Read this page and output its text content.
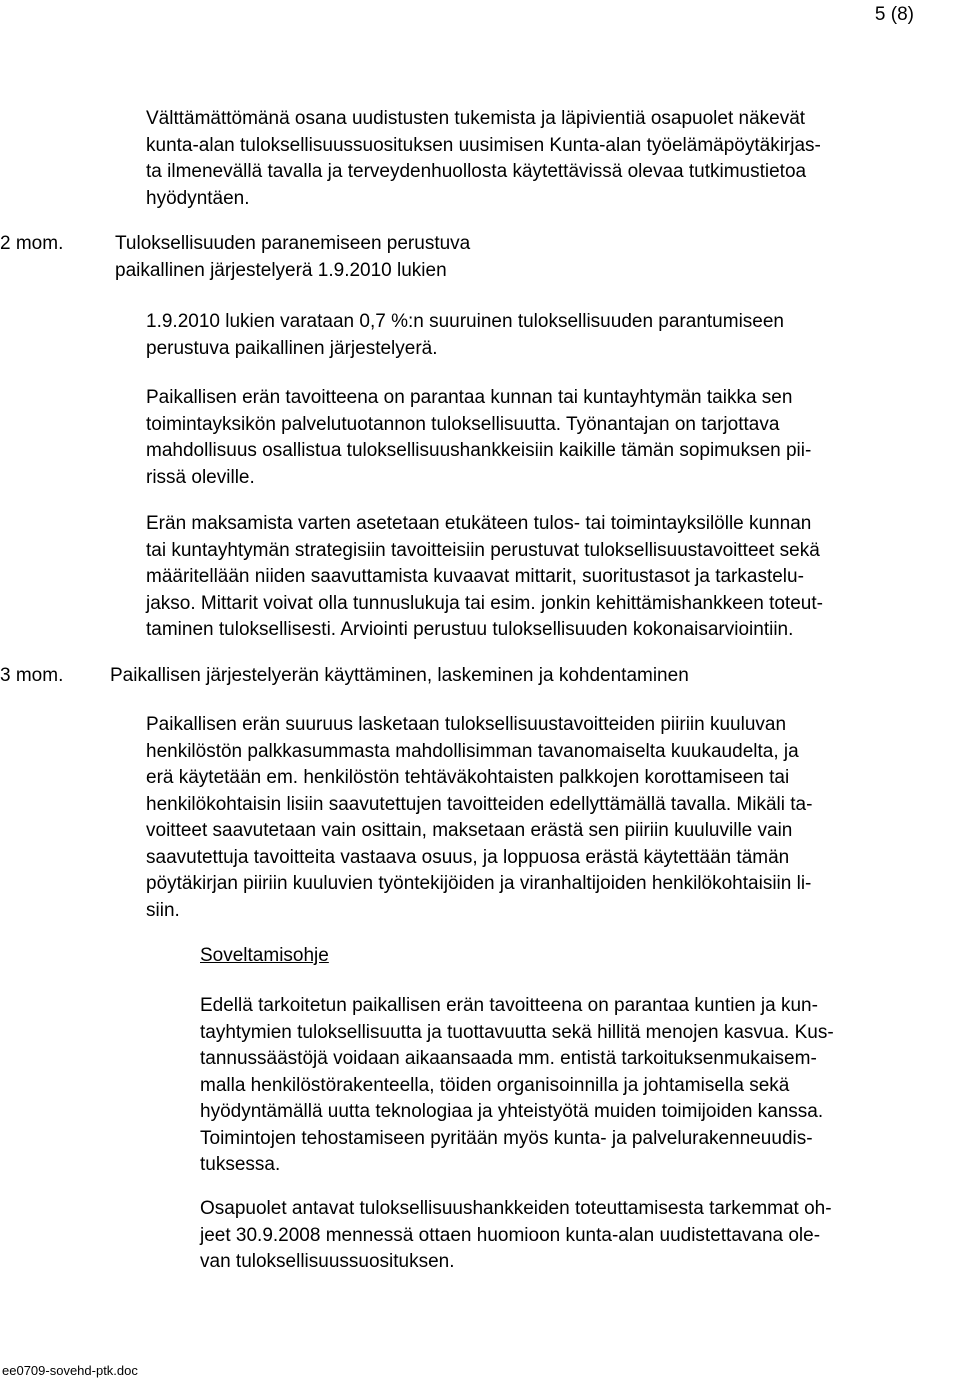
5 (8)
Välttämättömänä osana uudistusten tukemista ja läpivientiä osapuolet näkevät
kunta-alan tuloksellisuussuosituksen uusimisen Kunta-alan työelämäpöytäkirjas-
ta ilmenevällä tavalla ja terveydenhuollosta käytettävissä olevaa tutkimustietoa
hyödyntäen.
2 mom.	Tuloksellisuuden paranemiseen perustuva
paikallinen järjestelyerä 1.9.2010 lukien
1.9.2010 lukien varataan 0,7 %:n suuruinen tuloksellisuuden parantumiseen
perustuva paikallinen järjestelyerä.
Paikallisen erän tavoitteena on parantaa kunnan tai kuntayhtymän taikka sen
toimintayksikön palvelutuotannon tuloksellisuutta. Työnantajan on tarjottava
mahdollisuus osallistua tuloksellisuushankkeisiin kaikille tämän sopimuksen pii-
rissä oleville.
Erän maksamista varten asetetaan etukäteen tulos- tai toimintayksilölle kunnan
tai kuntayhtymän strategisiin tavoitteisiin perustuvat tuloksellisuustavoitteet sekä
määritellään niiden saavuttamista kuvaavat mittarit, suoritustasot ja tarkastelu-
jakso. Mittarit voivat olla tunnuslukuja tai esim. jonkin kehittämishankkeen toteut-
taminen tuloksellisesti. Arviointi perustuu tuloksellisuuden kokonaisarviointiin.
3 mom. Paikallisen järjestelyerän käyttäminen, laskeminen ja kohdentaminen
Paikallisen erän suuruus lasketaan tuloksellisuustavoitteiden piiriin kuuluvan
henkilöstön palkkasummasta mahdollisimman tavanomaiselta kuukaudelta, ja
erä käytetään em. henkilöstön tehtäväkohtaisten palkkojen korottamiseen tai
henkilökohtaisin lisiin saavutettujen tavoitteiden edellyttämällä tavalla. Mikäli ta-
voitteet saavutetaan vain osittain, maksetaan erästä sen piiriin kuuluville vain
saavutettuja tavoitteita vastaava osuus, ja loppuosa erästä käytettään tämän
pöytäkirjan piiriin kuuluvien työntekijöiden ja viranhaltijoiden henkilökohtaisiin li-
siin.
Soveltamisohje
Edellä tarkoitetun paikallisen erän tavoitteena on parantaa kuntien ja kun-
tayhtymien tuloksellisuutta ja tuottavuutta sekä hillitä menojen kasvua. Kus-
tannussäästöjä voidaan aikaansaada mm. entistä tarkoituksenmukaisem-
malla henkilöstörakenteella, töiden organisoinnilla ja johtamisella sekä
hyödyntämällä uutta teknologiaa ja yhteistyötä muiden toimijoiden kanssa.
Toimintojen tehostamiseen pyritään myös kunta- ja palvelurakenneuudis-
tuksessa.
Osapuolet antavat tuloksellisuushankkeiden toteuttamisesta tarkemmat oh-
jeet 30.9.2008 mennessä ottaen huomioon kunta-alan uudistettavana ole-
van tuloksellisuussuosituksen.
ee0709-sovehd-ptk.doc
